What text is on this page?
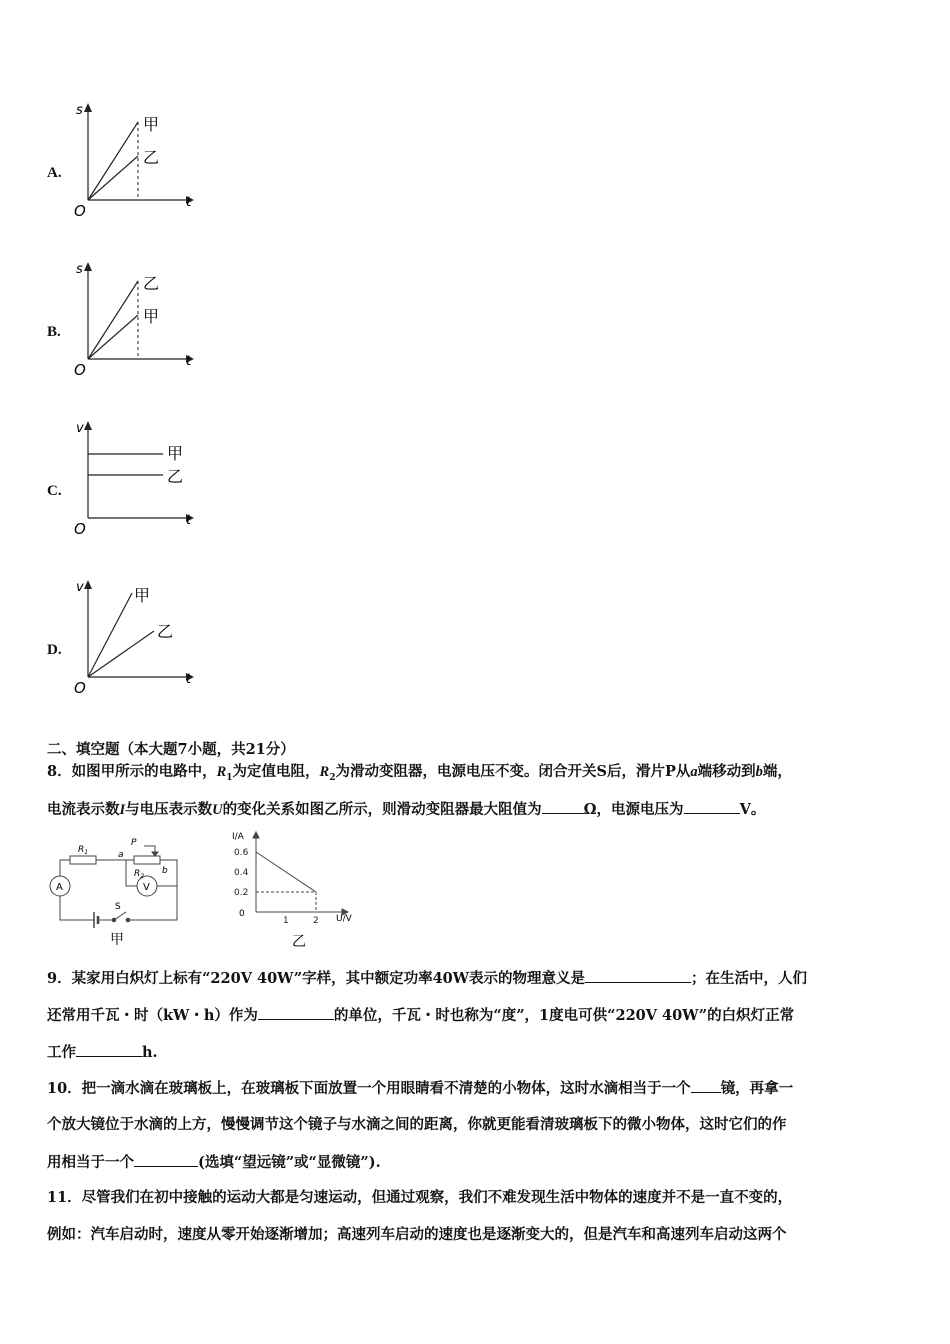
A.
s
t
O
甲
乙
B.
s
t
O
乙
甲
C.
v
t
O
甲
乙
D.
v
t
O
甲
乙
二、填空题（本大题7小题，共21分）
8．如图甲所示的电路中，$R_1$为定值电阻，$R_2$为滑动变阻器，电源电压不变。闭合开关S后，滑片P从a端移动到b端，
电流表示数I与电压表示数U的变化关系如图乙所示，则滑动变阻器最大阻值为	Ω，电源电压为	V。
$R_1$
$R_2$
P
a
b
A	V
S
甲
I/A
U/V
0
0.2
0.4
0.6
1	2
乙
9．某家用白炽灯上标有“220V 40W”字样，其中额定功率40W表示的物理意义是	；在生活中，人们
还常用千瓦・时（kW・h）作为	的单位，千瓦・时也称为“度”，1度电可供“220V 40W”的白炽灯正常
工作	h.
10．把一滴水滴在玻璃板上，在玻璃板下面放置一个用眼睛看不清楚的小物体，这时水滴相当于一个 镜，再拿一
个放大镜位于水滴的上方，慢慢调节这个镜子与水滴之间的距离，你就更能看清玻璃板下的微小物体，这时它们的作
用相当于一个	(选填“望远镜”或“显微镜”).
11．尽管我们在初中接触的运动大都是匀速运动，但通过观察，我们不难发现生活中物体的速度并不是一直不变的，
例如：汽车启动时，速度从零开始逐渐增加；高速列车启动的速度也是逐渐变大的，但是汽车和高速列车启动这两个
